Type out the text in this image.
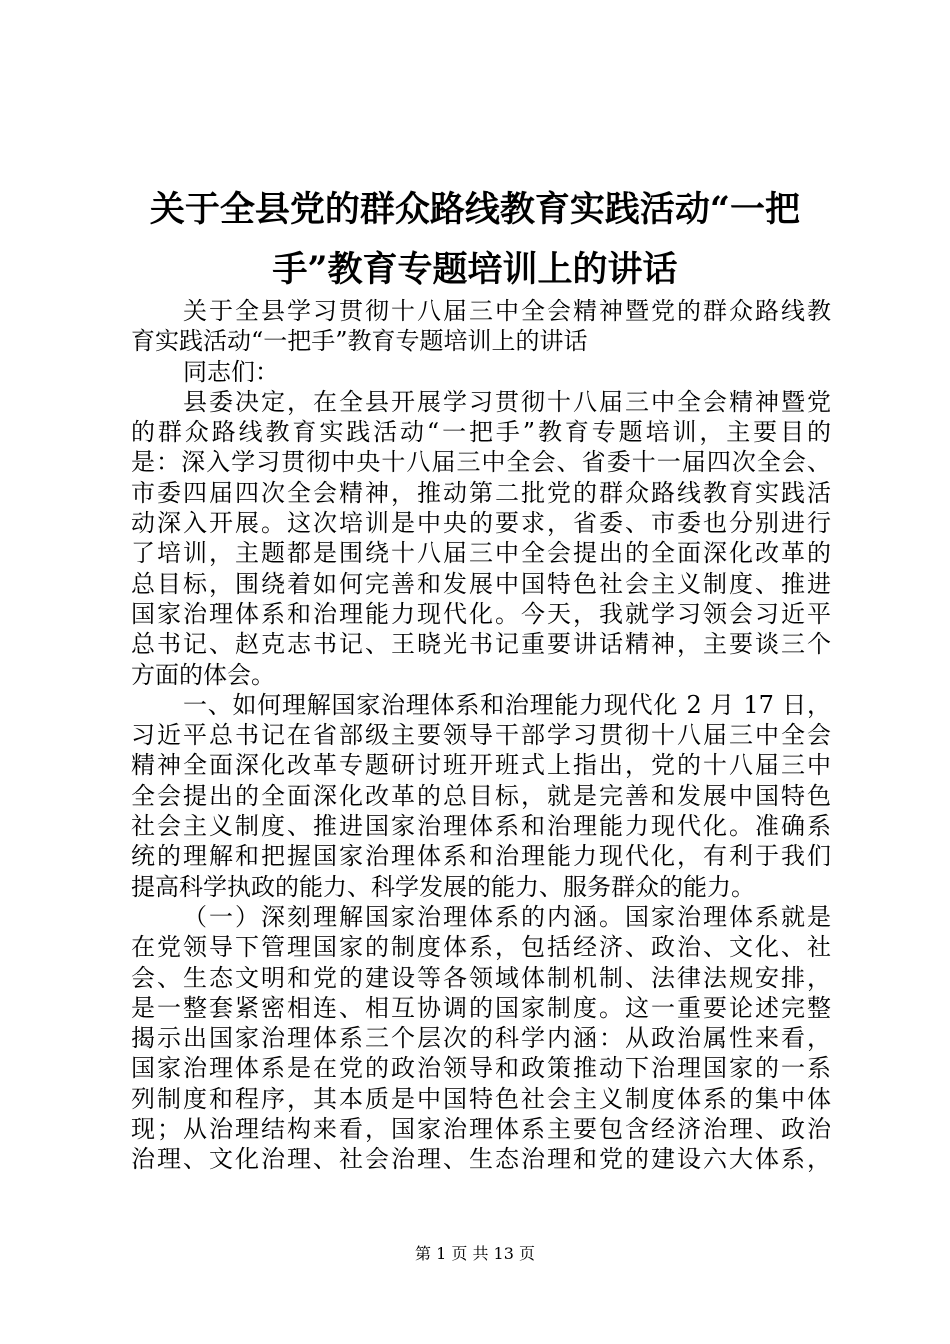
关于全县党的群众路线教育实践活动“一把
手”教育专题培训上的讲话
关于全县学习贯彻十八届三中全会精神暨党的群众路线教
育实践活动“一把手”教育专题培训上的讲话
同志们：
县委决定，在全县开展学习贯彻十八届三中全会精神暨党
的群众路线教育实践活动“一把手”教育专题培训，主要目的
是：深入学习贯彻中央十八届三中全会、省委十一届四次全会、
市委四届四次全会精神，推动第二批党的群众路线教育实践活
动深入开展。这次培训是中央的要求，省委、市委也分别进行
了培训，主题都是围绕十八届三中全会提出的全面深化改革的
总目标，围绕着如何完善和发展中国特色社会主义制度、推进
国家治理体系和治理能力现代化。今天，我就学习领会习近平
总书记、赵克志书记、王晓光书记重要讲话精神，主要谈三个
方面的体会。
一、如何理解国家治理体系和治理能力现代化 2 月 17 日，
习近平总书记在省部级主要领导干部学习贯彻十八届三中全会
精神全面深化改革专题研讨班开班式上指出，党的十八届三中
全会提出的全面深化改革的总目标，就是完善和发展中国特色
社会主义制度、推进国家治理体系和治理能力现代化。准确系
统的理解和把握国家治理体系和治理能力现代化，有利于我们
提高科学执政的能力、科学发展的能力、服务群众的能力。
（一）深刻理解国家治理体系的内涵。国家治理体系就是
在党领导下管理国家的制度体系，包括经济、政治、文化、社
会、生态文明和党的建设等各领域体制机制、法律法规安排，
是一整套紧密相连、相互协调的国家制度。这一重要论述完整
揭示出国家治理体系三个层次的科学内涵：从政治属性来看，
国家治理体系是在党的政治领导和政策推动下治理国家的一系
列制度和程序，其本质是中国特色社会主义制度体系的集中体
现；从治理结构来看，国家治理体系主要包含经济治理、政治
治理、文化治理、社会治理、生态治理和党的建设六大体系，
第 1 页 共 13 页
